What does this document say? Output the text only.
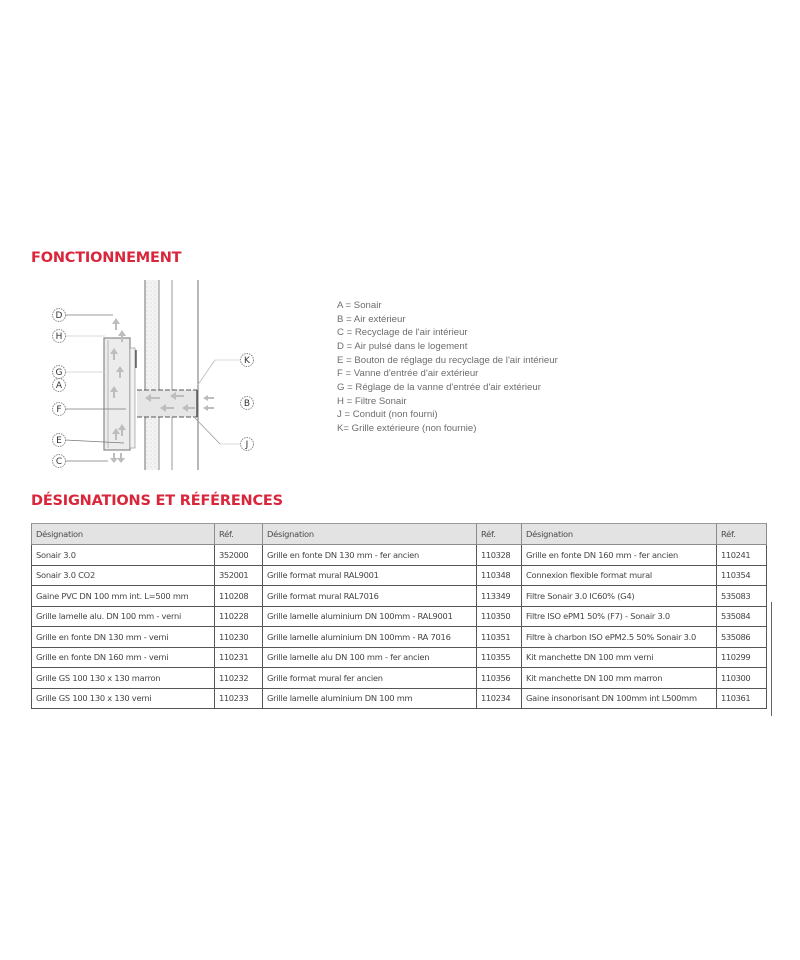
FONCTIONNEMENT
D
H
G
A
F
E
C
K
B
J
A = Sonair
B = Air extérieur
C = Recyclage de l'air intérieur
D = Air pulsé dans le logement
E = Bouton de réglage du recyclage de l'air intérieur
F = Vanne d'entrée d'air extérieur
G = Réglage de la vanne d'entrée d'air extérieur
H = Filtre Sonair
J = Conduit (non fourni)
K= Grille extérieure (non fournie)
DÉSIGNATIONS ET RÉFÉRENCES
Désignation	Réf.	Désignation	Réf.	Désignation	Réf.
Sonair 3.0	352000	Grille en fonte DN 130 mm - fer ancien	110328	Grille en fonte DN 160 mm - fer ancien	110241
Sonair 3.0 CO2	352001	Grille format mural RAL9001	110348	Connexion flexible format mural	110354
Gaine PVC DN 100 mm int. L=500 mm	110208	Grille format mural RAL7016	113349	Filtre Sonair 3.0 IC60% (G4)	535083
Grille lamelle alu. DN 100 mm - verni	110228	Grille lamelle aluminium DN 100mm - RAL9001	110350	Filtre ISO ePM1 50% (F7) - Sonair 3.0	535084
Grille en fonte DN 130 mm - verni	110230	Grille lamelle aluminium DN 100mm - RA 7016	110351	Filtre à charbon ISO ePM2.5 50% Sonair 3.0	535086
Grille en fonte DN 160 mm - verni	110231	Grille lamelle alu DN 100 mm - fer ancien	110355	Kit manchette DN 100 mm verni	110299
Grille GS 100 130 x 130 marron	110232	Grille format mural fer ancien	110356	Kit manchette DN 100 mm marron	110300
Grille GS 100 130 x 130 verni	110233	Grille lamelle aluminium DN 100 mm	110234	Gaine insonorisant DN 100mm int L500mm	110361
